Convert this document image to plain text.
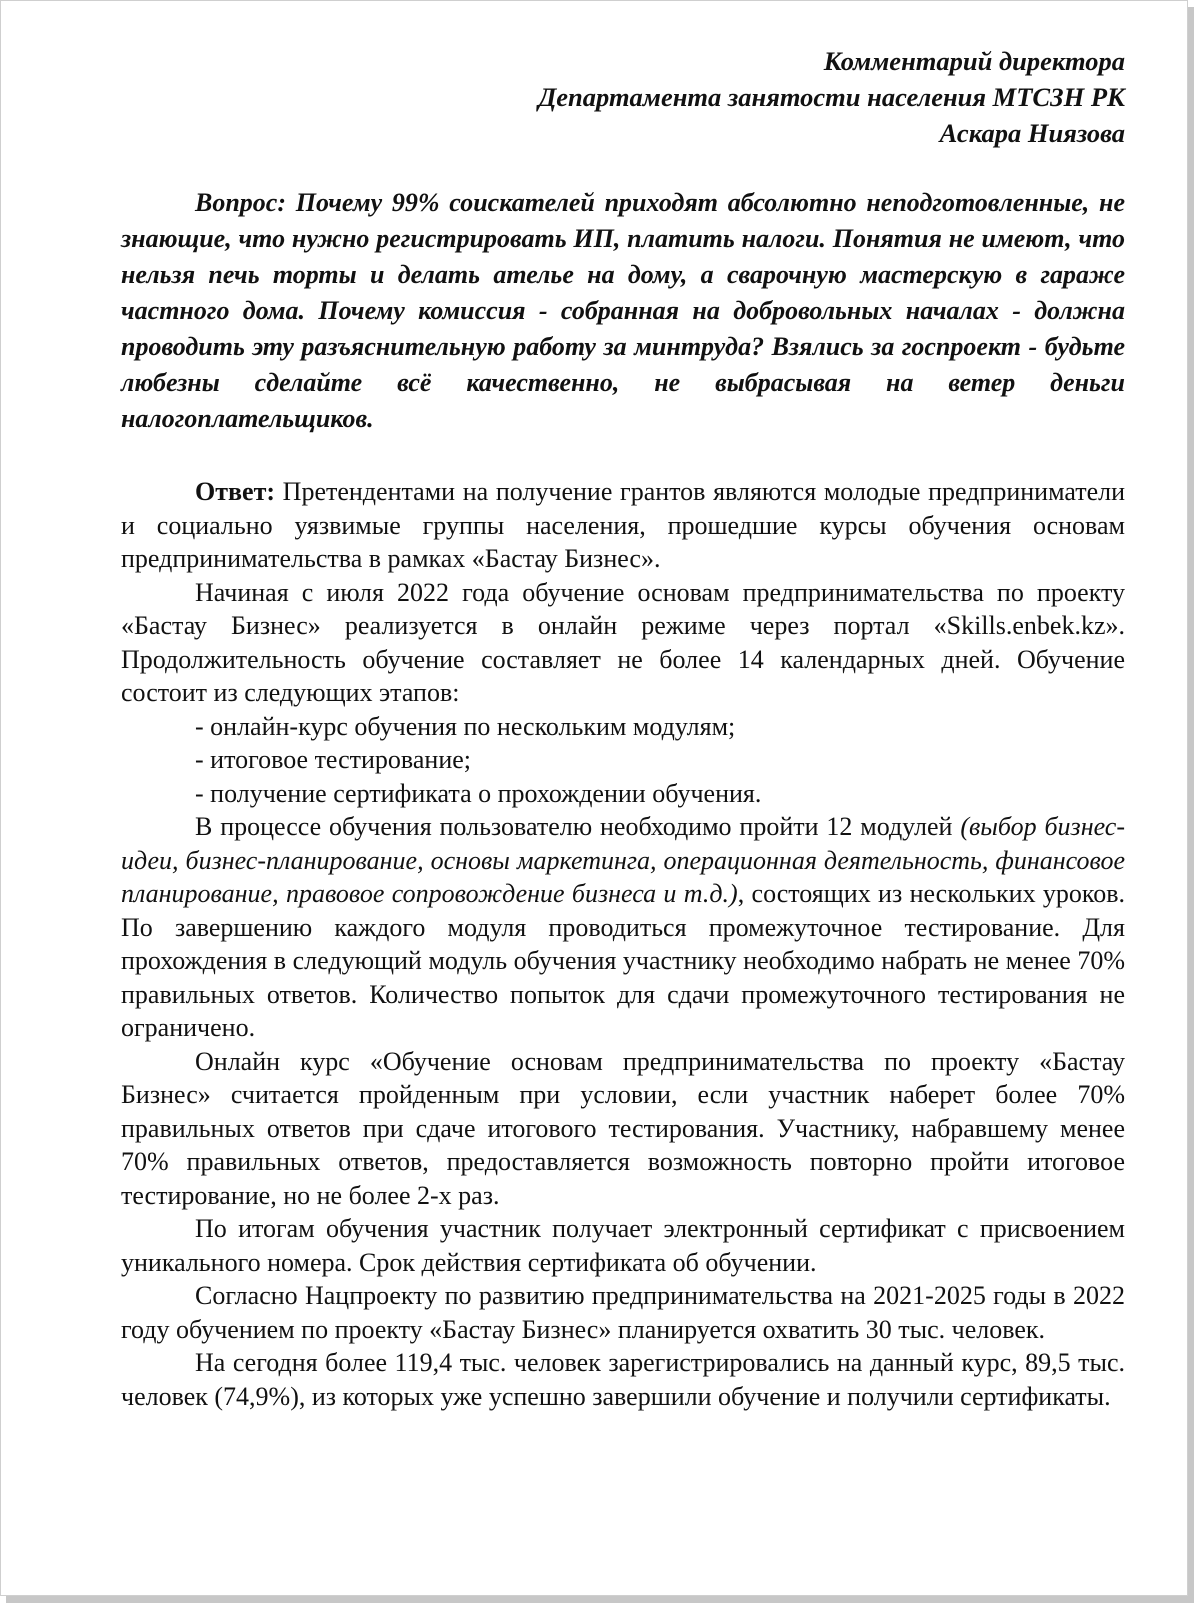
Комментарий директора
Департамента занятости населения МТСЗН РК
Аскара Ниязова
Вопрос: Почему 99% соискателей приходят абсолютно неподготовленные, не знающие, что нужно регистрировать ИП, платить налоги. Понятия не имеют, что нельзя печь торты и делать ателье на дому, а сварочную мастерскую в гараже частного дома. Почему комиссия - собранная на добровольных началах - должна проводить эту разъяснительную работу за минтруда? Взялись за госпроект - будьте любезны сделайте всё качественно, не выбрасывая на ветер деньги налогоплательщиков.

Ответ: Претендентами на получение грантов являются молодые предприниматели и социально уязвимые группы населения, прошедшие курсы обучения основам предпринимательства в рамках «Бастау Бизнес».

Начиная с июля 2022 года обучение основам предпринимательства по проекту «Бастау Бизнес» реализуется в онлайн режиме через портал «Skills.enbek.kz». Продолжительность обучение составляет не более 14 календарных дней. Обучение состоит из следующих этапов:

- онлайн-курс обучения по нескольким модулям;

- итоговое тестирование;

- получение сертификата о прохождении обучения.

В процессе обучения пользователю необходимо пройти 12 модулей (выбор бизнес-идеи, бизнес-планирование, основы маркетинга, операционная деятельность, финансовое планирование, правовое сопровождение бизнеса и т.д.), состоящих из нескольких уроков. По завершению каждого модуля проводиться промежуточное тестирование. Для прохождения в следующий модуль обучения участнику необходимо набрать не менее 70% правильных ответов. Количество попыток для сдачи промежуточного тестирования не ограничено.

Онлайн курс «Обучение основам предпринимательства по проекту «Бастау Бизнес» считается пройденным при условии, если участник наберет более 70% правильных ответов при сдаче итогового тестирования. Участнику, набравшему менее 70% правильных ответов, предоставляется возможность повторно пройти итоговое тестирование, но не более 2-х раз.

По итогам обучения участник получает электронный сертификат с присвоением уникального номера. Срок действия сертификата об обучении.

Согласно Нацпроекту по развитию предпринимательства на 2021-2025 годы в 2022 году обучением по проекту «Бастау Бизнес» планируется охватить 30 тыс. человек.

На сегодня более 119,4 тыс. человек зарегистрировались на данный курс, 89,5 тыс. человек (74,9%), из которых уже успешно завершили обучение и получили сертификаты.
